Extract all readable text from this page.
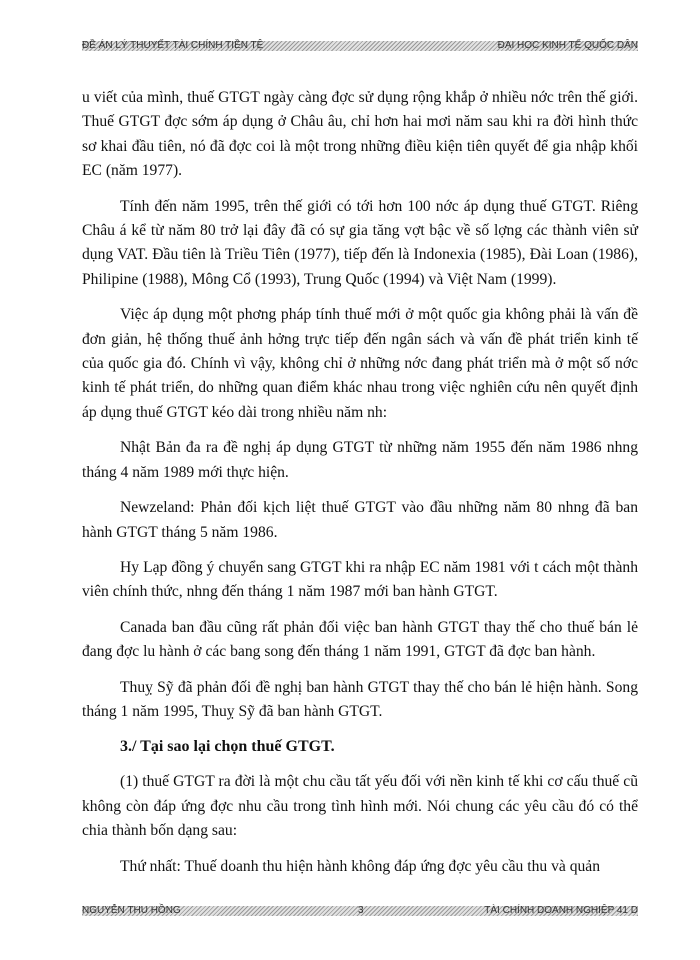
ĐỀ ÁN LÝ THUYẾT TÀI CHÍNH TIỀN TỆ	ĐẠI HỌC KINH TẾ QUỐC DÂN

u viết của mình, thuế GTGT ngày càng đợc sử dụng rộng khắp ở nhiều nớc trên thế giới. Thuế GTGT đợc sớm áp dụng ở Châu âu, chỉ hơn hai mơi năm sau khi ra đời hình thức sơ khai đầu tiên, nó đã đợc coi là một trong những điều kiện tiên quyết để gia nhập khối EC (năm 1977).

Tính đến năm 1995, trên thế giới có tới hơn 100 nớc áp dụng thuế GTGT. Riêng Châu á kể từ năm 80 trở lại đây đã có sự gia tăng vợt bậc về số lợng các thành viên sử dụng VAT. Đầu tiên là Triều Tiên (1977), tiếp đến là Indonexia (1985), Đài Loan (1986), Philipine (1988), Mông Cổ (1993), Trung Quốc (1994) và Việt Nam (1999).

Việc áp dụng một phơng pháp tính thuế mới ở một quốc gia không phải là vấn đề đơn giản, hệ thống thuế ảnh hởng trực tiếp đến ngân sách và vấn đề phát triển kinh tế của quốc gia đó. Chính vì vậy, không chỉ ở những nớc đang phát triển mà ở một số nớc kinh tế phát triển, do những quan điểm khác nhau trong việc nghiên cứu nên quyết định áp dụng thuế GTGT kéo dài trong nhiều năm nh:

Nhật Bản đa ra đề nghị áp dụng GTGT từ những năm 1955 đến năm 1986 nhng tháng 4 năm 1989 mới thực hiện.

Newzeland: Phản đối kịch liệt thuế GTGT vào đầu những năm 80 nhng đã ban hành GTGT tháng 5 năm 1986.

Hy Lạp đồng ý chuyển sang GTGT khi ra nhập EC năm 1981 với t cách một thành viên chính thức, nhng đến tháng 1 năm 1987 mới ban hành GTGT.

Canada ban đầu cũng rất phản đối việc ban hành GTGT thay thế cho thuế bán lẻ đang đợc lu hành ở các bang song đến tháng 1 năm 1991, GTGT đã đợc ban hành.

Thuỵ Sỹ đã phản đối đề nghị ban hành GTGT thay thế cho bán lẻ hiện hành. Song tháng 1 năm 1995, Thuỵ Sỹ đã ban hành GTGT.

3./ Tại sao lại chọn thuế GTGT.

(1) thuế GTGT ra đời là một chu cầu tất yếu đối với nền kinh tế khi cơ cấu thuế cũ không còn đáp ứng đợc nhu cầu trong tình hình mới. Nói chung các yêu cầu đó có thể chia thành bốn dạng sau:

Thứ nhất: Thuế doanh thu hiện hành không đáp ứng đợc yêu cầu thu và quản

NGUYỄN THU HỒNG	3	TÀI CHÍNH DOANH NGHIỆP 41 D
